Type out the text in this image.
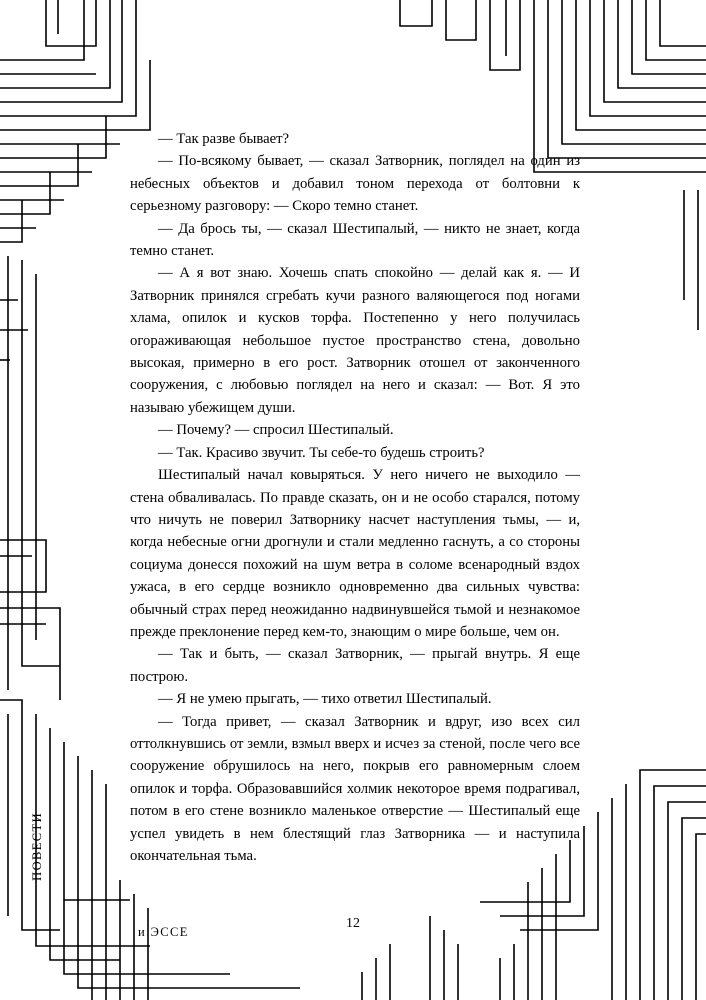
— Так разве бывает?

— По-всякому бывает, — сказал Затворник, поглядел на один из небесных объектов и добавил тоном перехода от болтовни к серьезному разговору: — Скоро темно станет.

— Да брось ты, — сказал Шестипалый, — никто не знает, когда темно станет.

— А я вот знаю. Хочешь спать спокойно — делай как я. — И Затворник принялся сгребать кучи разного валяющегося под ногами хлама, опилок и кусков торфа. Постепенно у него получилась огораживающая небольшое пустое пространство стена, довольно высокая, примерно в его рост. Затворник отошел от законченного сооружения, с любовью поглядел на него и сказал: — Вот. Я это называю убежищем души.

— Почему? — спросил Шестипалый.

— Так. Красиво звучит. Ты себе-то будешь строить?

Шестипалый начал ковыряться. У него ничего не выходило — стена обваливалась. По правде сказать, он и не особо старался, потому что ничуть не поверил Затворнику насчет наступления тьмы, — и, когда небесные огни дрогнули и стали медленно гаснуть, а со стороны социума донесся похожий на шум ветра в соломе всенародный вздох ужаса, в его сердце возникло одновременно два сильных чувства: обычный страх перед неожиданно надвинувшейся тьмой и незнакомое прежде преклонение перед кем-то, знающим о мире больше, чем он.

— Так и быть, — сказал Затворник, — прыгай внутрь. Я еще построю.

— Я не умею прыгать, — тихо ответил Шестипалый.

— Тогда привет, — сказал Затворник и вдруг, изо всех сил оттолкнувшись от земли, взмыл вверх и исчез за стеной, после чего все сооружение обрушилось на него, покрыв его равномерным слоем опилок и торфа. Образовавшийся холмик некоторое время подрагивал, потом в его стене возникло маленькое отверстие — Шестипалый еще успел увидеть в нем блестящий глаз Затворника — и наступила окончательная тьма.

ПОВЕСТИ
и ЭССЕ
12
